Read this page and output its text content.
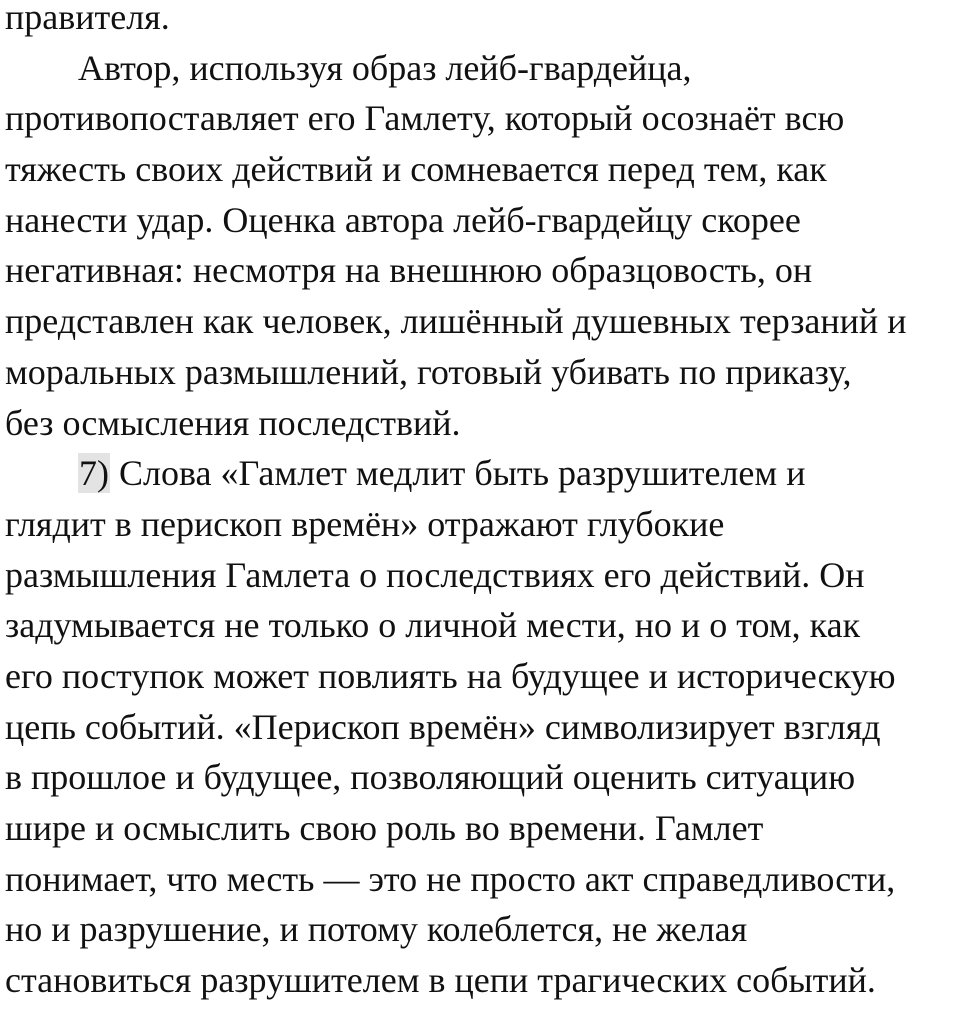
правителя.
Автор, используя образ лейб-гвардейца,
противопоставляет его Гамлету, который осознаёт всю
тяжесть своих действий и сомневается перед тем, как
нанести удар. Оценка автора лейб-гвардейцу скорее
негативная: несмотря на внешнюю образцовость, он
представлен как человек, лишённый душевных терзаний и
моральных размышлений, готовый убивать по приказу,
без осмысления последствий.
7) Слова «Гамлет медлит быть разрушителем и
глядит в перископ времён» отражают глубокие
размышления Гамлета о последствиях его действий. Он
задумывается не только о личной мести, но и о том, как
его поступок может повлиять на будущее и историческую
цепь событий. «Перископ времён» символизирует взгляд
в прошлое и будущее, позволяющий оценить ситуацию
шире и осмыслить свою роль во времени. Гамлет
понимает, что месть — это не просто акт справедливости,
но и разрушение, и потому колеблется, не желая
становиться разрушителем в цепи трагических событий.
